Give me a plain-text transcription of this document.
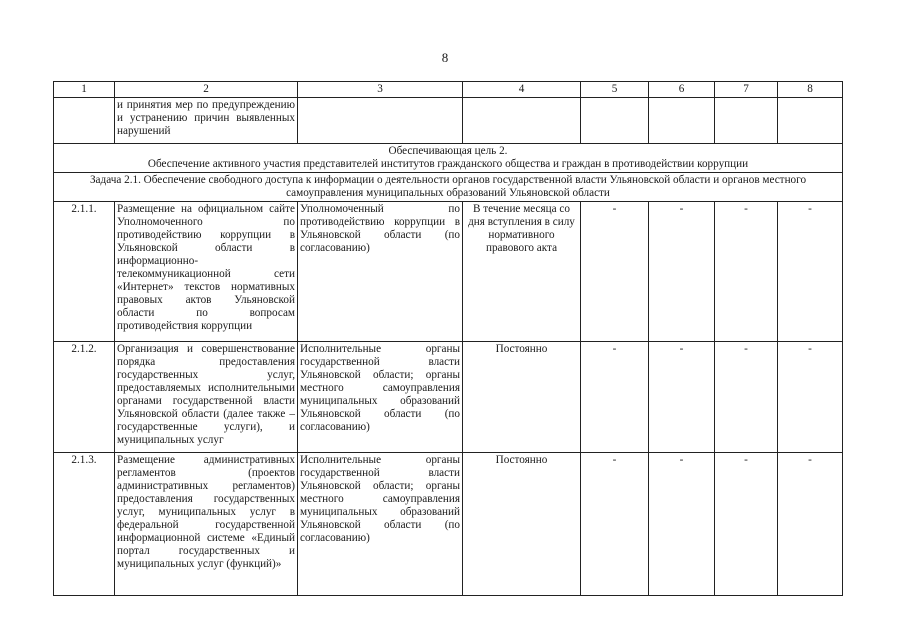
8
1	2	3	4	5	6	7	8
	и принятия мер по предупреждению и устранению причин выявленных нарушений						

Обеспечивающая цель 2.
Обеспечение активного участия представителей институтов гражданского общества и граждан в противодействии коррупции							

Задача 2.1. Обеспечение свободного доступа к информации о деятельности органов государственной власти Ульяновской области и органов местного самоуправления муниципальных образований Ульяновской области							
2.1.1.	Размещение на официальном сайте Уполномоченного по противодействию коррупции в Ульяновской области в информационно-телекоммуникационной сети «Интернет» текстов нормативных правовых актов Ульяновской области по вопросам противодействия коррупции	Уполномоченный по противодействию коррупции в Ульяновской области (по согласованию)	В течение месяца со дня вступления в силу нормативного правового акта	-	-	-	-
2.1.2.	Организация и совершенствование порядка предоставления государственных услуг, предоставляемых исполнительными органами государственной власти Ульяновской области (далее также – государственные услуги), и муниципальных услуг	Исполнительные органы государственной власти Ульяновской области; органы местного самоуправления муниципальных образований Ульяновской области (по согласованию)	Постоянно	-	-	-	-
2.1.3.	Размещение административных регламентов (проектов административных регламентов) предоставления государственных услуг, муниципальных услуг в федеральной государственной информационной системе «Единый портал государственных и муниципальных услуг (функций)»	Исполнительные органы государственной власти Ульяновской области; органы местного самоуправления муниципальных образований Ульяновской области (по согласованию)	Постоянно	-	-	-	-
